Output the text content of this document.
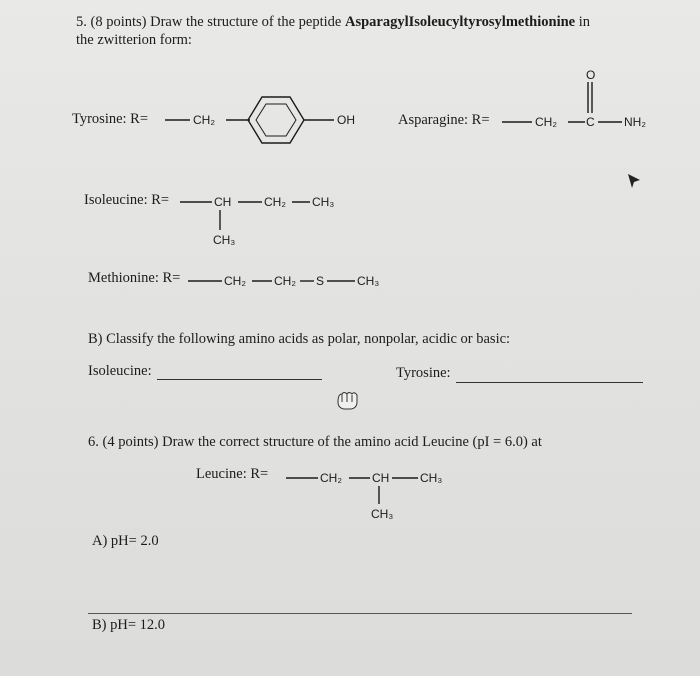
5. (8 points) Draw the structure of the peptide AsparagylIsoleucyltyrosylmethionine in
the zwitterion form:
Tyrosine: R=	CH₂	OH	Asparagine: R=	CH₂
O
C NH₂
Isoleucine: R=	CH	CH₂ CH₃
CH₃
Methionine: R=	CH₂ CH₂ S	CH₃
B) Classify the following amino acids as polar, nonpolar, acidic or basic:
Isoleucine:	Tyrosine:
6. (4 points) Draw the correct structure of the amino acid Leucine (pI = 6.0) at
Leucine: R=	CH₂	CH	CH₃
CH₃
A) pH= 2.0
B) pH= 12.0
